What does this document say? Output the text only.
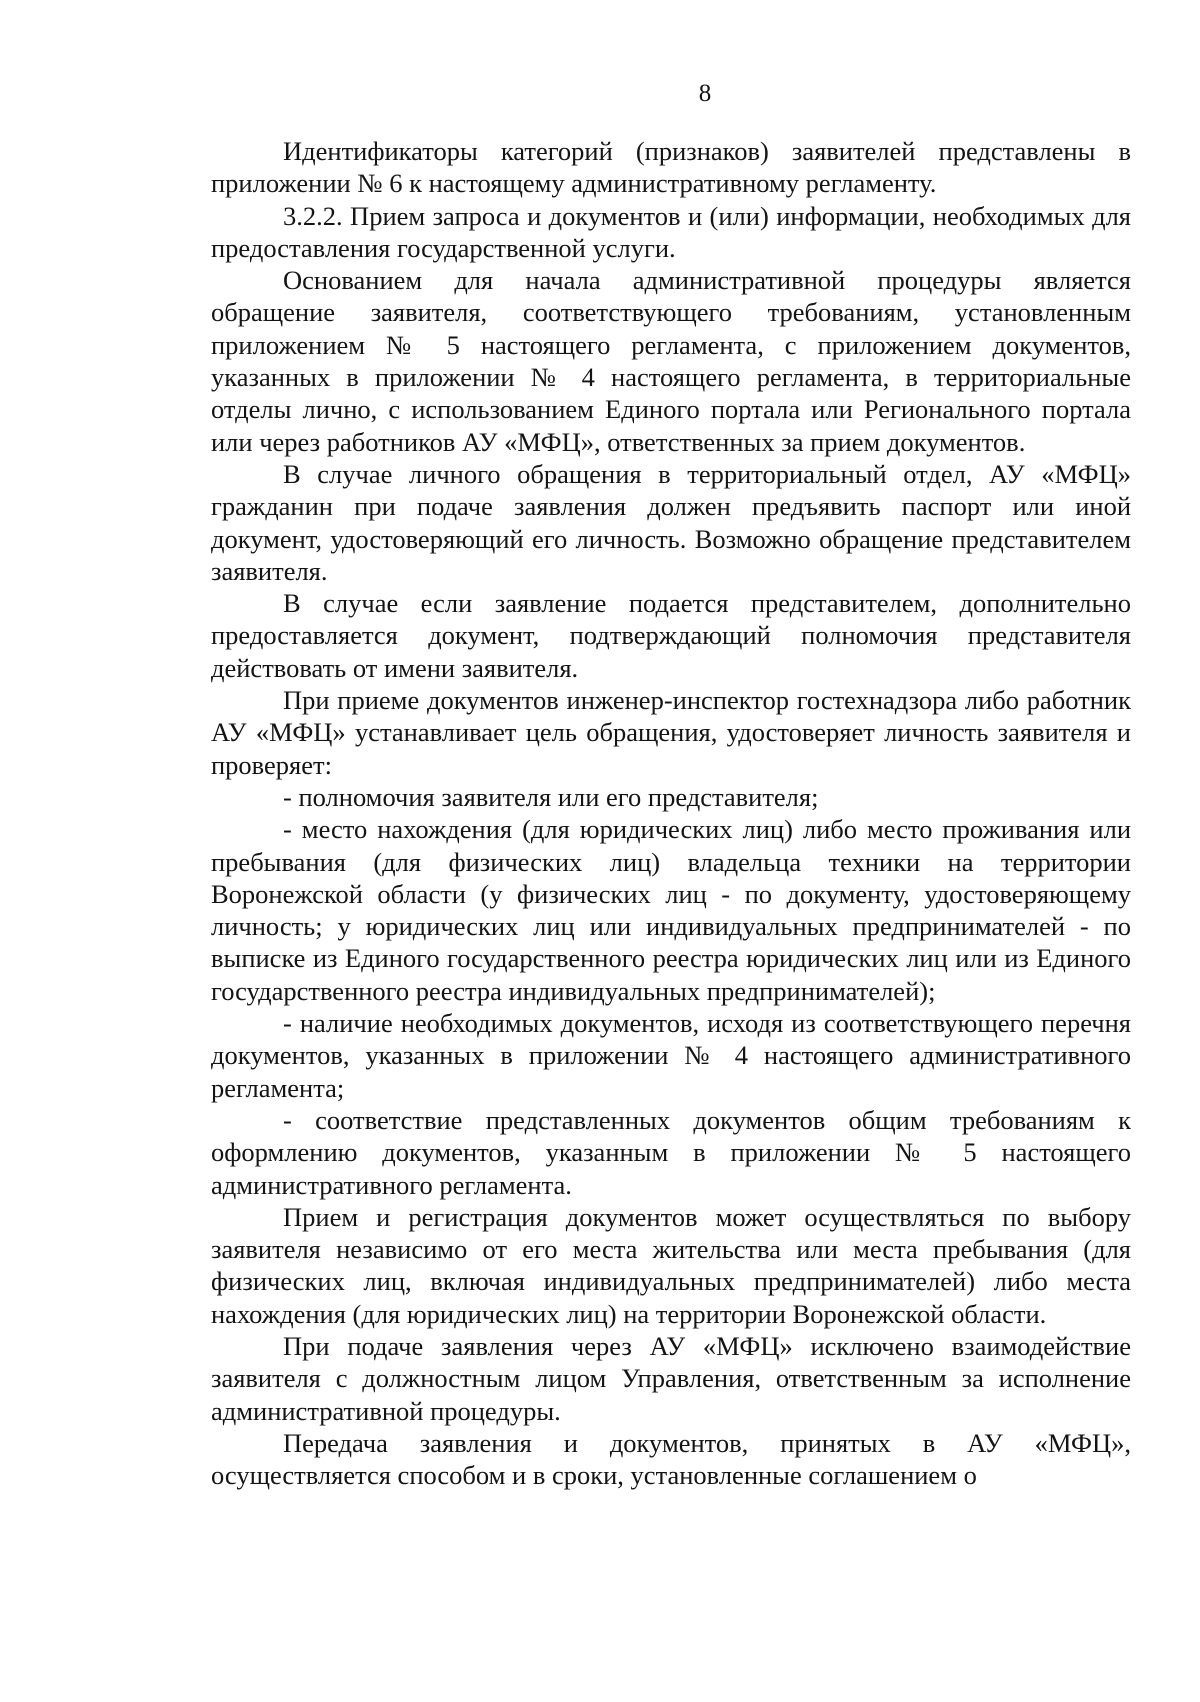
8

Идентификаторы категорий (признаков) заявителей представлены в приложении № 6 к настоящему административному регламенту.

3.2.2. Прием запроса и документов и (или) информации, необходимых для предоставления государственной услуги.

Основанием для начала административной процедуры является обращение заявителя, соответствующего требованиям, установленным приложением № 5 настоящего регламента, с приложением документов, указанных в приложении № 4 настоящего регламента, в территориальные отделы лично, с использованием Единого портала или Регионального портала или через работников АУ «МФЦ», ответственных за прием документов.

В случае личного обращения в территориальный отдел, АУ «МФЦ» гражданин при подаче заявления должен предъявить паспорт или иной документ, удостоверяющий его личность. Возможно обращение представителем заявителя.

В случае если заявление подается представителем, дополнительно предоставляется документ, подтверждающий полномочия представителя действовать от имени заявителя.

При приеме документов инженер-инспектор гостехнадзора либо работник АУ «МФЦ» устанавливает цель обращения, удостоверяет личность заявителя и проверяет:

- полномочия заявителя или его представителя;

- место нахождения (для юридических лиц) либо место проживания или пребывания (для физических лиц) владельца техники на территории Воронежской области (у физических лиц - по документу, удостоверяющему личность; у юридических лиц или индивидуальных предпринимателей - по выписке из Единого государственного реестра юридических лиц или из Единого государственного реестра индивидуальных предпринимателей);

- наличие необходимых документов, исходя из соответствующего перечня документов, указанных в приложении № 4 настоящего административного регламента;

- соответствие представленных документов общим требованиям к оформлению документов, указанным в приложении № 5 настоящего административного регламента.

Прием и регистрация документов может осуществляться по выбору заявителя независимо от его места жительства или места пребывания (для физических лиц, включая индивидуальных предпринимателей) либо места нахождения (для юридических лиц) на территории Воронежской области.

При подаче заявления через АУ «МФЦ» исключено взаимодействие заявителя с должностным лицом Управления, ответственным за исполнение административной процедуры.

Передача заявления и документов, принятых в АУ «МФЦ», осуществляется способом и в сроки, установленные соглашением о
